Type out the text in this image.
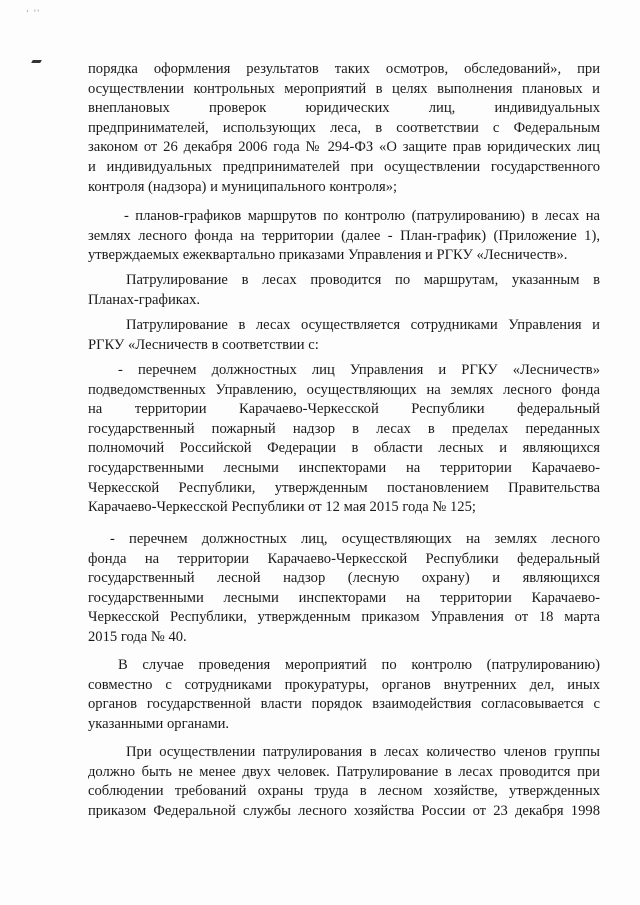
‘ ’’
порядка оформления результатов таких осмотров, обследований», при
осуществлении контрольных мероприятий в целях выполнения плановых и
внеплановых проверок юридических лиц, индивидуальных
предпринимателей, использующих леса, в соответствии с Федеральным
законом от 26 декабря 2006 года № 294-ФЗ «О защите прав юридических лиц
и индивидуальных предпринимателей при осуществлении государственного
контроля (надзора) и муниципального контроля»;
- планов-графиков маршрутов по контролю (патрулированию) в лесах на
землях лесного фонда на территории (далее - План-график) (Приложение 1),
утверждаемых ежеквартально приказами Управления и РГКУ «Лесничеств».
Патрулирование в лесах проводится по маршрутам, указанным в
Планах-графиках.
Патрулирование в лесах осуществляется сотрудниками Управления и
РГКУ «Лесничеств в соответствии с:
- перечнем должностных лиц Управления и РГКУ «Лесничеств»
подведомственных Управлению, осуществляющих на землях лесного фонда
на территории Карачаево-Черкесской Республики федеральный
государственный пожарный надзор в лесах в пределах переданных
полномочий Российской Федерации в области лесных и являющихся
государственными лесными инспекторами на территории Карачаево-
Черкесской Республики, утвержденным постановлением Правительства
Карачаево-Черкесской Республики от 12 мая 2015 года № 125;
- перечнем должностных лиц, осуществляющих на землях лесного
фонда на территории Карачаево-Черкесской Республики федеральный
государственный лесной надзор (лесную охрану) и являющихся
государственными лесными инспекторами на территории Карачаево-
Черкесской Республики, утвержденным приказом Управления от 18 марта
2015 года № 40.
В случае проведения мероприятий по контролю (патрулированию)
совместно с сотрудниками прокуратуры, органов внутренних дел, иных
органов государственной власти порядок взаимодействия согласовывается с
указанными органами.
При осуществлении патрулирования в лесах количество членов группы
должно быть не менее двух человек. Патрулирование в лесах проводится при
соблюдении требований охраны труда в лесном хозяйстве, утвержденных
приказом Федеральной службы лесного хозяйства России от 23 декабря 1998
